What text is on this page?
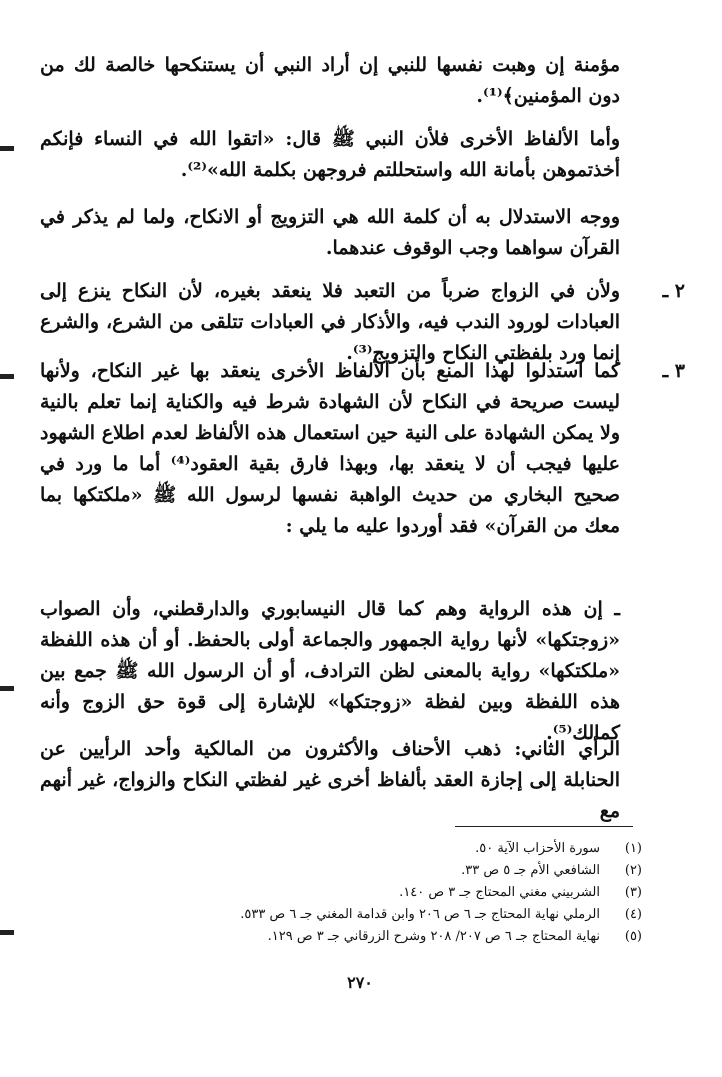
مؤمنة إن وهبت نفسها للنبي إن أراد النبي أن يستنكحها خالصة لك من دون المؤمنين﴾⁽¹⁾.

وأما الألفاظ الأخرى فلأن النبي ﷺ قال: «اتقوا الله في النساء فإنكم أخذتموهن بأمانة الله واستحللتم فروجهن بكلمة الله»⁽²⁾.

ووجه الاستدلال به أن كلمة الله هي التزويج أو الانكاح، ولما لم يذكر في القرآن سواهما وجب الوقوف عندهما.

٢ ـ
ولأن في الزواج ضرباً من التعبد فلا ينعقد بغيره، لأن النكاح ينزع إلى العبادات لورود الندب فيه، والأذكار في العبادات تتلقى من الشرع، والشرع إنما ورد بلفظتي النكاح والتزويج⁽³⁾.
٣ ـ
كما استدلوا لهذا المنع بأن الألفاظ الأخرى ينعقد بها غير النكاح، ولأنها ليست صريحة في النكاح لأن الشهادة شرط فيه والكناية إنما تعلم بالنية ولا يمكن الشهادة على النية حين استعمال هذه الألفاظ لعدم اطلاع الشهود عليها فيجب أن لا ينعقد بها، وبهذا فارق بقية العقود⁽⁴⁾ أما ما ورد في صحيح البخاري من حديث الواهبة نفسها لرسول الله ﷺ «ملكتكها بما معك من القرآن» فقد أوردوا عليه ما يلي :

ـ إن هذه الرواية وهم كما قال النيسابوري والدارقطني، وأن الصواب «زوجتكها» لأنها رواية الجمهور والجماعة أولى بالحفظ. أو أن هذه اللفظة «ملكتكها» رواية بالمعنى لظن الترادف، أو أن الرسول الله ﷺ جمع بين هذه اللفظة وبين لفظة «زوجتكها» للإشارة إلى قوة حق الزوج وأنه كمالك⁽⁵⁾.

الرأي الثاني: ذهب الأحناف والأكثرون من المالكية وأحد الرأيين عن الحنابلة إلى إجازة العقد بألفاظ أخرى غير لفظتي النكاح والزواج، غير أنهم مع

(١)
سورة الأحزاب الآية ٥٠.
(٢)
الشافعي الأم جـ ٥ ص ٣٣.
(٣)
الشربيني مغني المحتاج جـ ٣ ص ١٤٠.
(٤)
الرملي نهاية المحتاج جـ ٦ ص ٢٠٦ وابن قدامة المغني جـ ٦ ص ٥٣٣.
(٥)
نهاية المحتاج جـ ٦ ص ٢٠٧/ ٢٠٨ وشرح الزرقاني جـ ٣ ص ١٢٩.
٢٧٠
